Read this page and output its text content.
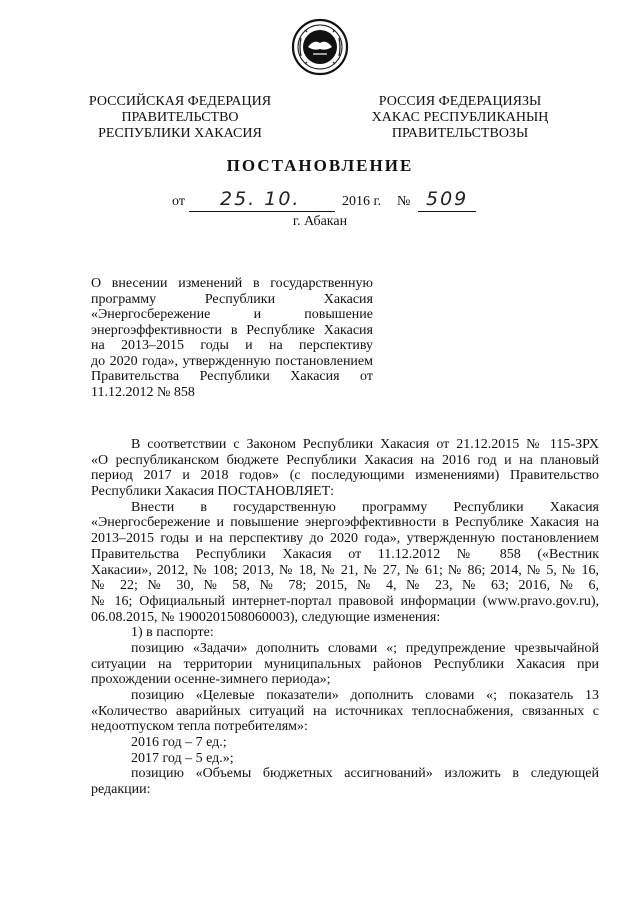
РОССИЙСКАЯ ФЕДЕРАЦИЯ
ПРАВИТЕЛЬСТВО
РЕСПУБЛИКИ ХАКАСИЯ
РОССИЯ ФЕДЕРАЦИЯЗЫ
ХАКАС РЕСПУБЛИКАНЫҢ
ПРАВИТЕЛЬСТВОЗЫ
ПОСТАНОВЛЕНИЕ
от 25. 10.	2016 г. № 509
г. Абакан
О внесении изменений в государственную
программу Республики Хакасия
«Энергосбережение и повышение
энергоэффективности в Республике Хакасия
на 2013–2015 годы и на перспективу
до 2020 года», утвержденную постановлением
Правительства Республики Хакасия от
11.12.2012 № 858
В соответствии с Законом Республики Хакасия от 21.12.2015 № 115-ЗРХ
«О республиканском бюджете Республики Хакасия на 2016 год и на плановый
период 2017 и 2018 годов» (с последующими изменениями) Правительство
Республики Хакасия ПОСТАНОВЛЯЕТ:
Внести в государственную программу Республики Хакасия
«Энергосбережение и повышение энергоэффективности в Республике Хакасия на
2013–2015 годы и на перспективу до 2020 года», утвержденную постановлением
Правительства Республики Хакасия от 11.12.2012 № 858 («Вестник
Хакасии», 2012, № 108; 2013, № 18, № 21, № 27, № 61; № 86; 2014, № 5, № 16,
№ 22; № 30, № 58, № 78; 2015, № 4, № 23, № 63; 2016, № 6,
№ 16; Официальный интернет-портал правовой информации (www.pravo.gov.ru),
06.08.2015, № 1900201508060003), следующие изменения:
1) в паспорте:
позицию «Задачи» дополнить словами «; предупреждение чрезвычайной
ситуации на территории муниципальных районов Республики Хакасия при
прохождении осенне-зимнего периода»;
позицию «Целевые показатели» дополнить словами «; показатель 13
«Количество аварийных ситуаций на источниках теплоснабжения, связанных с
недоотпуском тепла потребителям»:
2016 год – 7 ед.;
2017 год – 5 ед.»;
позицию «Объемы бюджетных ассигнований» изложить в следующей
редакции:
